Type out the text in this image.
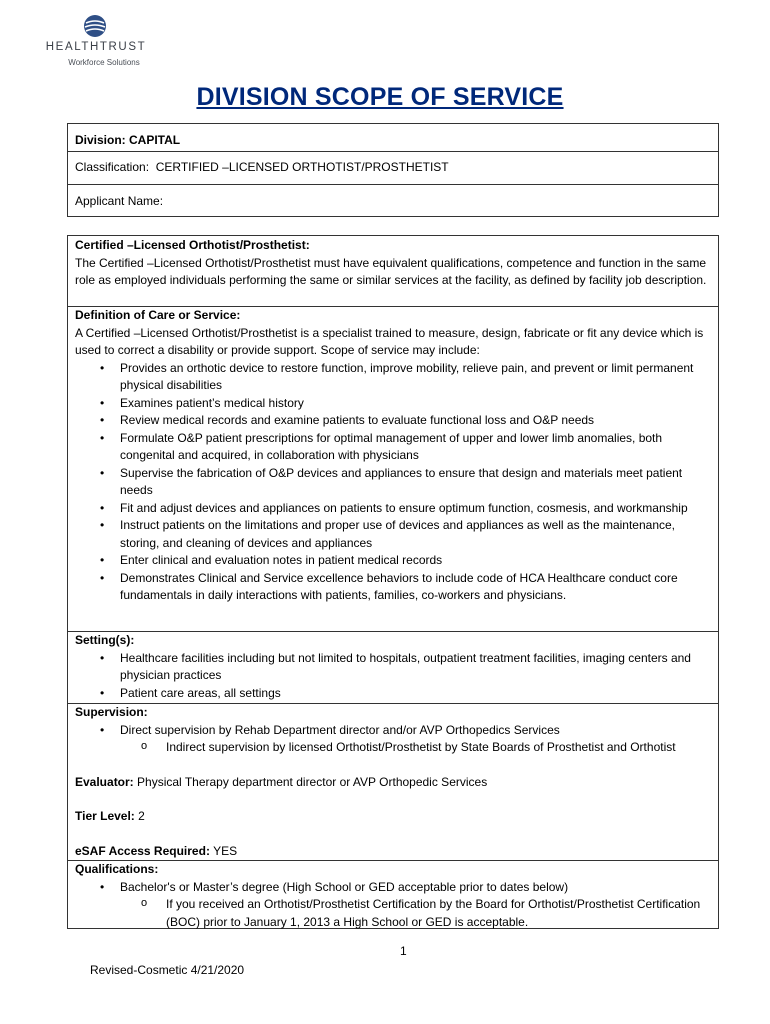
HEALTHTRUST
Workforce Solutions
DIVISION SCOPE OF SERVICE
Division: CAPITAL
Classification: CERTIFIED –LICENSED ORTHOTIST/PROSTHETIST
Applicant Name:
Certified –Licensed Orthotist/Prosthetist:
The Certified –Licensed Orthotist/Prosthetist must have equivalent qualifications, competence and function in the same role as employed individuals performing the same or similar services at the facility, as defined by facility job description.
Definition of Care or Service:
A Certified –Licensed Orthotist/Prosthetist is a specialist trained to measure, design, fabricate or fit any device which is used to correct a disability or provide support. Scope of service may include:
• Provides an orthotic device to restore function, improve mobility, relieve pain, and prevent or limit permanent physical disabilities
• Examines patient’s medical history
• Review medical records and examine patients to evaluate functional loss and O&P needs
• Formulate O&P patient prescriptions for optimal management of upper and lower limb anomalies, both congenital and acquired, in collaboration with physicians
• Supervise the fabrication of O&P devices and appliances to ensure that design and materials meet patient needs
• Fit and adjust devices and appliances on patients to ensure optimum function, cosmesis, and workmanship
• Instruct patients on the limitations and proper use of devices and appliances as well as the maintenance, storing, and cleaning of devices and appliances
• Enter clinical and evaluation notes in patient medical records
• Demonstrates Clinical and Service excellence behaviors to include code of HCA Healthcare conduct core fundamentals in daily interactions with patients, families, co-workers and physicians.
Setting(s):
• Healthcare facilities including but not limited to hospitals, outpatient treatment facilities, imaging centers and physician practices
• Patient care areas, all settings
Supervision:
• Direct supervision by Rehab Department director and/or AVP Orthopedics Services
o Indirect supervision by licensed Orthotist/Prosthetist by State Boards of Prosthetist and Orthotist
Evaluator: Physical Therapy department director or AVP Orthopedic Services
Tier Level: 2
eSAF Access Required: YES
Qualifications:
• Bachelor's or Master’s degree (High School or GED acceptable prior to dates below)
o If you received an Orthotist/Prosthetist Certification by the Board for Orthotist/Prosthetist Certification (BOC) prior to January 1, 2013 a High School or GED is acceptable.
1
Revised-Cosmetic 4/21/2020
